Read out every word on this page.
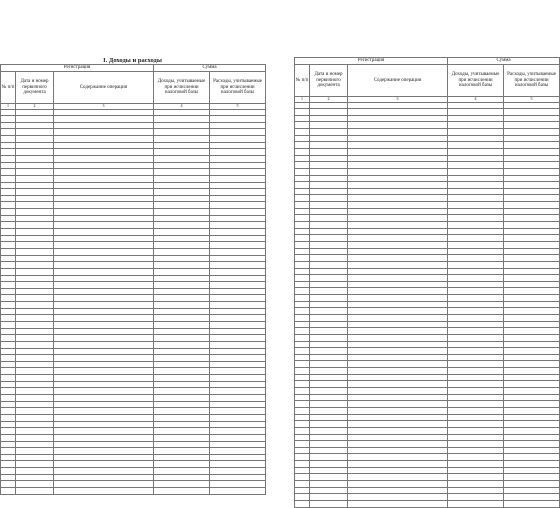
I. Доходы и расходы
Регистрация			Сумма	
№ п/п	Дата и номер первичного документа	Содержание операции	Доходы, учитываемые при исчислении налоговой базы	Расходы, учитываемые при исчислении налоговой базы
1	2	3	4	5

Регистрация			Сумма	
№ п/п	Дата и номер первичного документа	Содержание операции	Доходы, учитываемые при исчислении налоговой базы	Расходы, учитываемые при исчислении налоговой базы
1	2	3	4	5
